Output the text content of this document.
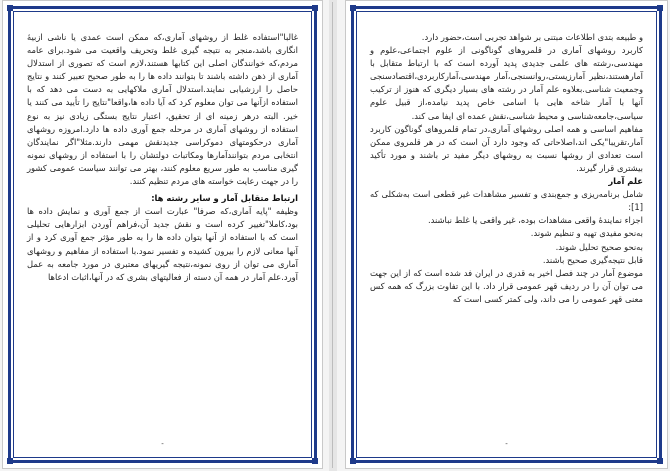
غالبا"استفاده غلط از روشهای آماری،که ممکن است عمدی یا ناشی ازبیهٔ انگاری باشد،منجر به نتیجه گیری غلط وتحریف واقعیت می شود.برای عامه مردم،که خوانندگان اصلی این کتابها هستند،لازم است که تصوری از استدلال آماری از ذهن داشته باشند تا بتوانند داده ها را به طور صحیح تعبیر کنند و نتایج حاصل را ارزشیابی نمایند.استدلال آماری ملاکهایی به دست می دهد که با استفاده ازآنها می توان معلوم کرد که آیا داده ها،واقعا"نتایج را تأیید می کنند یا خیر. البته درهر زمینه ای از تحقیق، اعتبار نتایج بستگی زیادی نیز به نوع استفاده از روشهای آماری در مرحله جمع آوری داده ها دارد.امروزه روشهای آماری درحکومتهای دموکراسی جدیدنقش مهمی دارند.مثلا"اگر نمایندگان انتخابی مردم بتوانندآمارها ومکاتبات دولتشان را با استفاده از روشهای نمونه گیری مناسب به طور سریع معلوم کنند، بهتر می توانند سیاست عمومی کشور را در جهت رعایت خواسته های مردم تنظیم کنند.

ارتباط متقابل آمار و سایر رشته ها:

وظیفه "پایه آماری،که صرفا" عبارت است از جمع آوری و نمایش داده ها بود،کاملا"تغییر کرده است و نقش جدید آن،فراهم آوردن ابزارهایی تحلیلی است که با استفاده از آنها بتوان داده ها را به طور مؤثر جمع آوری کرد و از آنها معانی لازم را بیرون کشیده و تفسیر نمود.با استفاده از مفاهیم و روشهای آماری می توان از روی نمونه،نتیجه گیریهای معتبری در مورد جامعه به عمل آورد.علم آمار در همه آن دسته از فعالیتهای بشری که در آنها،اثبات ادعاها

-

و طبیعه بتدی اطلاعات مبتنی بر شواهد تجربی است،حضور دارد.

کاربرد روشهای آماری در قلمروهای گوناگونی از علوم اجتماعی،علوم و مهندسی،رشته های علمی جدیدی پدید آورده است که با ارتباط متقابل با آمارهستند،نظیر آمارزیستی،روانسنجی،آمار مهندسی،آمارکاربردی،اقتصادسنجی وجمعیت شناسی.بعلاوه علم آمار در رشته های بسیار دیگری که هنوز از ترکیب آنها با آمار شاخه هایی با اسامی خاص پدید نیامده،از قبیل علوم سیاسی،جامعه‌شناسی و محیط شناسی،نقش عمده ای ایفا می کند.

مفاهیم اساسی و همه اصلی روشهای آماری،در تمام قلمروهای گوناگون کاربرد آمار،تقریبا"یکی اند،اصلاحاتی که وجود دارد آن است که در هر قلمروی ممکن است تعدادی از روشها نسبت به روشهای دیگر مفید تر باشند و مورد تأکید بیشتری قرار گیرند.

علم آمار

شامل برنامه‌ریزی و جمع‌بندی و تفسیر مشاهدات غیر قطعی است به‌شکلی که [1]:

اجزاء نمایندهٔ واقعی مشاهدات بوده، غیر واقعی یا غلط نباشند.

به‌نحو مفیدی تهیه و تنظیم شوند.

به‌نحو صحیح تحلیل شوند.

قابل نتیجه‌گیری صحیح باشند.

موضوع آمار در چند فصل اخیر به قدری در ایران فد شده است که از این جهت می توان آن را در ردیف قهر عمومی قرار داد. با این تفاوت بزرگ که همه کس معنی قهر عمومی را می داند، ولی کمتر کسی است که

-
